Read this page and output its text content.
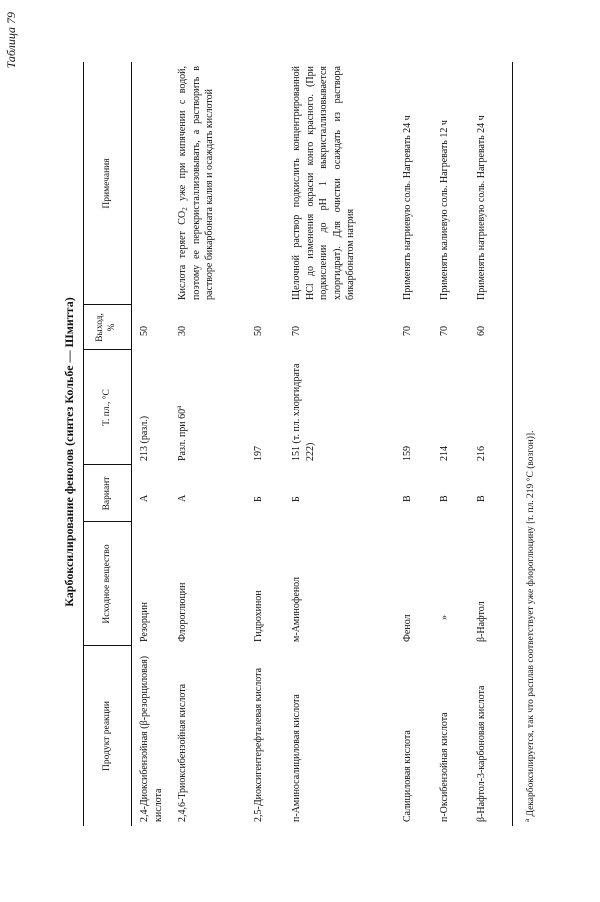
Таблица 79
Карбоксилирование фенолов (синтез Кольбе — Шмитта)
Продукт реакции
Исходное вещество
Вариант
Т. пл., °C
Выход, %
Примечания
2,4-Диоксибензойная (β-резорциловая) кислота
Резорцин
А
213 (разл.)
50
2,4,6-Триоксибензойная кислота
Флороглюцин
А
Разл. при $60^а$
30
Кислота теряет $CO_2$ уже при кипячении с водой, поэтому ее перекристаллизовывать, а растворить в растворе бикарбоната калия и осаждать кислотой
2,5-Диоксигентерефталевая кислота
Гидрохинон
Б
197
50
п-Аминосалициловая кислота
м-Аминофенол
Б
151 (т. пл. хлоргидрата 222)
70
Щелочной раствор подкислить концентрированной HCl до изменения окраски конго красного. (При подкислении до pH 1 выкристаллизовывается хлоргидрат). Для очистки осаждать из раствора бикарбонатом натрия
Салициловая кислота
Фенол
В
159
70
Применять натриевую соль. Нагревать 24 ч
п-Оксибензойная кислота
»
В
214
70
Применять калиевую соль. Нагревать 12 ч
β-Нафтол-3-карбоновая кислота
β-Нафтол
В
216
60
Применять натриевую соль. Нагревать 24 ч
$^а$ Декарбоксилируется, так что расплав соответствует уже флороглюцину [т. пл. 219 °C (возгон)].
